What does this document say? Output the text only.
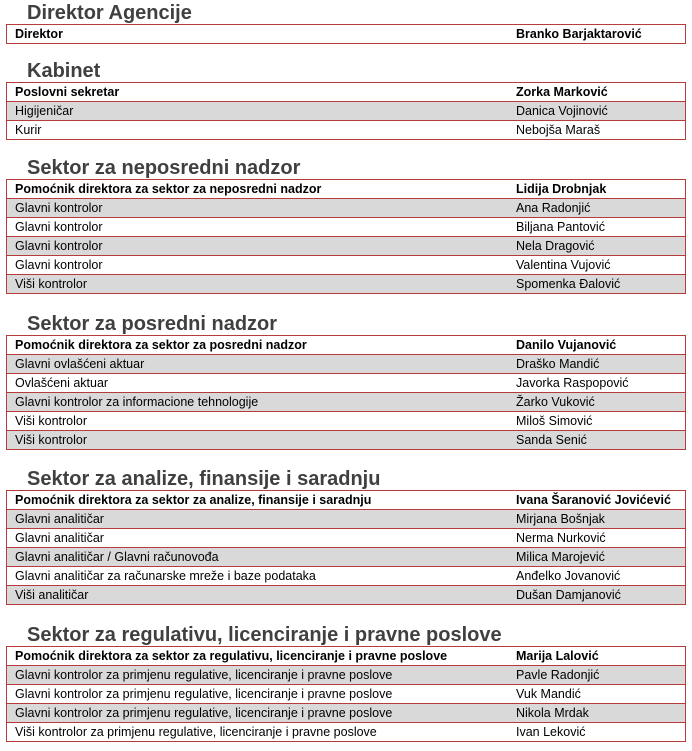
Direktor Agencije
Direktor	Branko Barjaktarović
Kabinet
Poslovni sekretar	Zorka Marković
Higijeničar	Danica Vojinović
Kurir	Nebojša Maraš
Sektor za neposredni nadzor
Pomoćnik direktora za sektor za neposredni nadzor	Lidija Drobnjak
Glavni kontrolor	Ana Radonjić
Glavni kontrolor	Biljana Pantović
Glavni kontrolor	Nela Dragović
Glavni kontrolor	Valentina Vujović
Viši kontrolor	Spomenka Đalović
Sektor za posredni nadzor
Pomoćnik direktora za sektor za posredni nadzor	Danilo Vujanović
Glavni ovlašćeni aktuar	Draško Mandić
Ovlašćeni aktuar	Javorka Raspopović
Glavni kontrolor za informacione tehnologije	Žarko Vuković
Viši kontrolor	Miloš Simović
Viši kontrolor	Sanda Senić
Sektor za analize, finansije i saradnju
Pomoćnik direktora za sektor za analize, finansije i saradnju	Ivana Šaranović Jovićević
Glavni analitičar	Mirjana Bošnjak
Glavni analitičar	Nerma Nurković
Glavni analitičar / Glavni računovođa	Milica Marojević
Glavni analitičar za računarske mreže i baze podataka	Anđelko Jovanović
Viši analitičar	Dušan Damjanović
Sektor za regulativu, licenciranje i pravne poslove
Pomoćnik direktora za sektor za regulativu, licenciranje i pravne poslove	Marija Lalović
Glavni kontrolor za primjenu regulative, licenciranje i pravne poslove	Pavle Radonjić
Glavni kontrolor za primjenu regulative, licenciranje i pravne poslove	Vuk Mandić
Glavni kontrolor za primjenu regulative, licenciranje i pravne poslove	Nikola Mrdak
Viši kontrolor za primjenu regulative, licenciranje i pravne poslove	Ivan Leković
